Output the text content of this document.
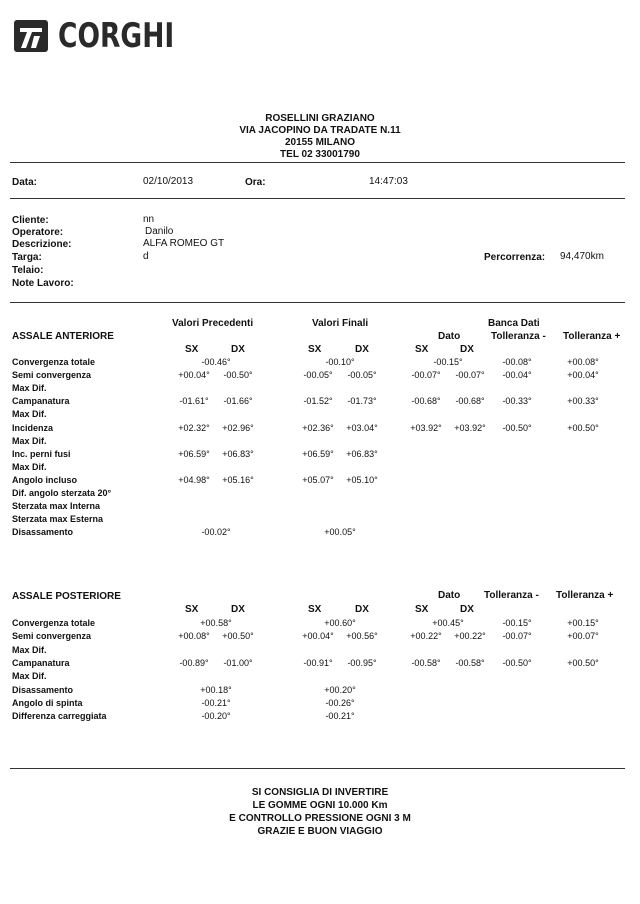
CORGHI
ROSELLINI GRAZIANO
VIA JACOPINO DA TRADATE N.11
20155 MILANO
TEL 02 33001790
Data:	02/10/2013	Ora:	14:47:03
Cliente:	nn
Operatore:	Danilo
Descrizione:	ALFA ROMEO GT
Targa:	d
Telaio:
Note Lavoro:
Percorrenza: 94,470km
ASSALE ANTERIORE
Valori Precedenti	Valori Finali	Banca Dati
Dato	Tolleranza - Tolleranza +
SX	DX	SX	DX	SX	DX
Convergenza totale	-00.46°	-00.10°	-00.15°	-00.08°	+00.08°
Semi convergenza	+00.04°	-00.50°	-00.05°	-00.05°	-00.07°	-00.07°	-00.04°	+00.04°
Max Dif.
Campanatura	-01.61°	-01.66°	-01.52°	-01.73°	-00.68°	-00.68°	-00.33°	+00.33°
Max Dif.
Incidenza	+02.32°	+02.96°	+02.36°	+03.04°	+03.92°	+03.92°	-00.50°	+00.50°
Max Dif.
Inc. perni fusi	+06.59°	+06.83°	+06.59°	+06.83°
Max Dif.
Angolo incluso	+04.98°	+05.16°	+05.07°	+05.10°
Dif. angolo sterzata 20°
Sterzata max Interna
Sterzata max Esterna
Disassamento	-00.02°	+00.05°
ASSALE POSTERIORE	Dato Tolleranza - Tolleranza +
SX	DX	SX	DX	SX	DX
Convergenza totale	+00.58°	+00.60°	+00.45°	-00.15°	+00.15°
Semi convergenza	+00.08°	+00.50°	+00.04°	+00.56°	+00.22°	+00.22°	-00.07°	+00.07°
Max Dif.
Campanatura	-00.89°	-01.00°	-00.91°	-00.95°	-00.58°	-00.58°	-00.50°	+00.50°
Max Dif.
Disassamento	+00.18°	+00.20°
Angolo di spinta	-00.21°	-00.26°
Differenza carreggiata	-00.20°	-00.21°
SI CONSIGLIA DI INVERTIRE
LE GOMME OGNI 10.000 Km
E CONTROLLO PRESSIONE OGNI 3 M
GRAZIE E BUON VIAGGIO
